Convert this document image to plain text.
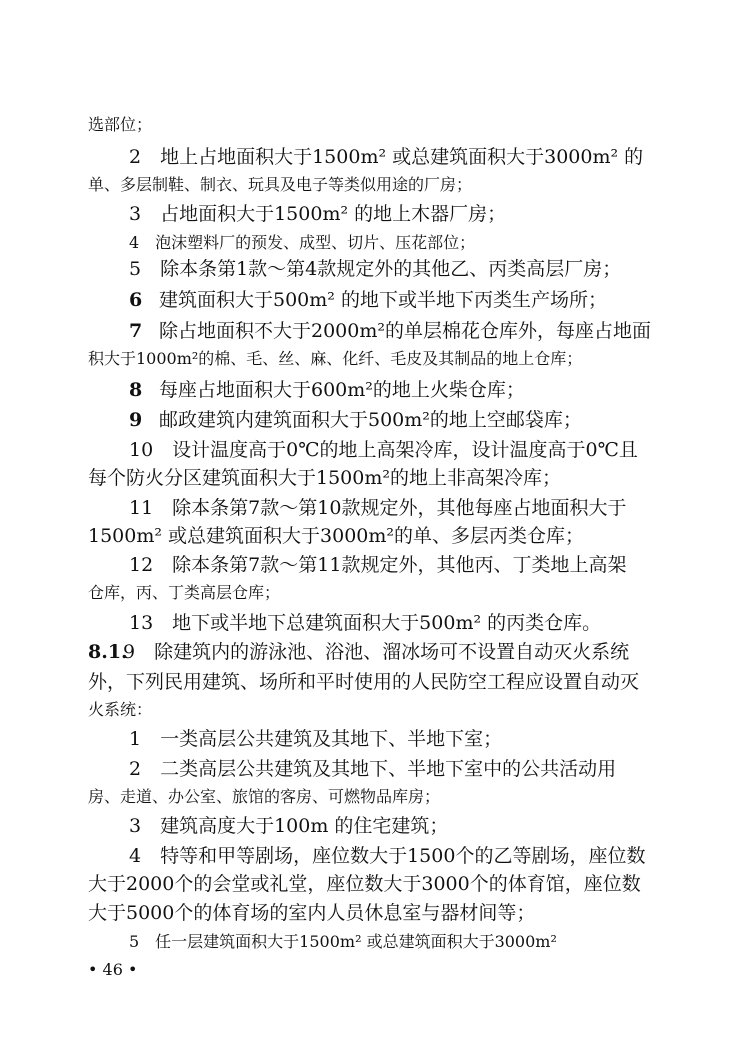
选部位；
2　地上占地面积大于1500m² 或总建筑面积大于3000m² 的
单、多层制鞋、制衣、玩具及电子等类似用途的厂房；
3　占地面积大于1500m² 的地上木器厂房；
4　泡沫塑料厂的预发、成型、切片、压花部位；
5　除本条第1款～第4款规定外的其他乙、丙类高层厂房；
6 建筑面积大于500m² 的地下或半地下丙类生产场所；
7 除占地面积不大于2000m²的单层棉花仓库外，每座占地面
积大于1000m²的棉、毛、丝、麻、化纤、毛皮及其制品的地上仓库；
8 每座占地面积大于600m²的地上火柴仓库；
9 邮政建筑内建筑面积大于500m²的地上空邮袋库；
10　设计温度高于0℃的地上高架冷库，设计温度高于0℃且
每个防火分区建筑面积大于1500m²的地上非高架冷库；
11　除本条第7款～第10款规定外，其他每座占地面积大于
1500m² 或总建筑面积大于3000m²的单、多层丙类仓库；
12　除本条第7款～第11款规定外，其他丙、丁类地上高架
仓库，丙、丁类高层仓库；
13　地下或半地下总建筑面积大于500m² 的丙类仓库。
8.1.
9　除建筑内的游泳池、浴池、溜冰场可不设置自动灭火系统
外，下列民用建筑、场所和平时使用的人民防空工程应设置自动灭
火系统：
1　一类高层公共建筑及其地下、半地下室；
2　二类高层公共建筑及其地下、半地下室中的公共活动用
房、走道、办公室、旅馆的客房、可燃物品库房；
3　建筑高度大于100m 的住宅建筑；
4　特等和甲等剧场，座位数大于1500个的乙等剧场，座位数
大于2000个的会堂或礼堂，座位数大于3000个的体育馆，座位数
大于5000个的体育场的室内人员休息室与器材间等；
5　任一层建筑面积大于1500m² 或总建筑面积大于3000m²
• 46 •
